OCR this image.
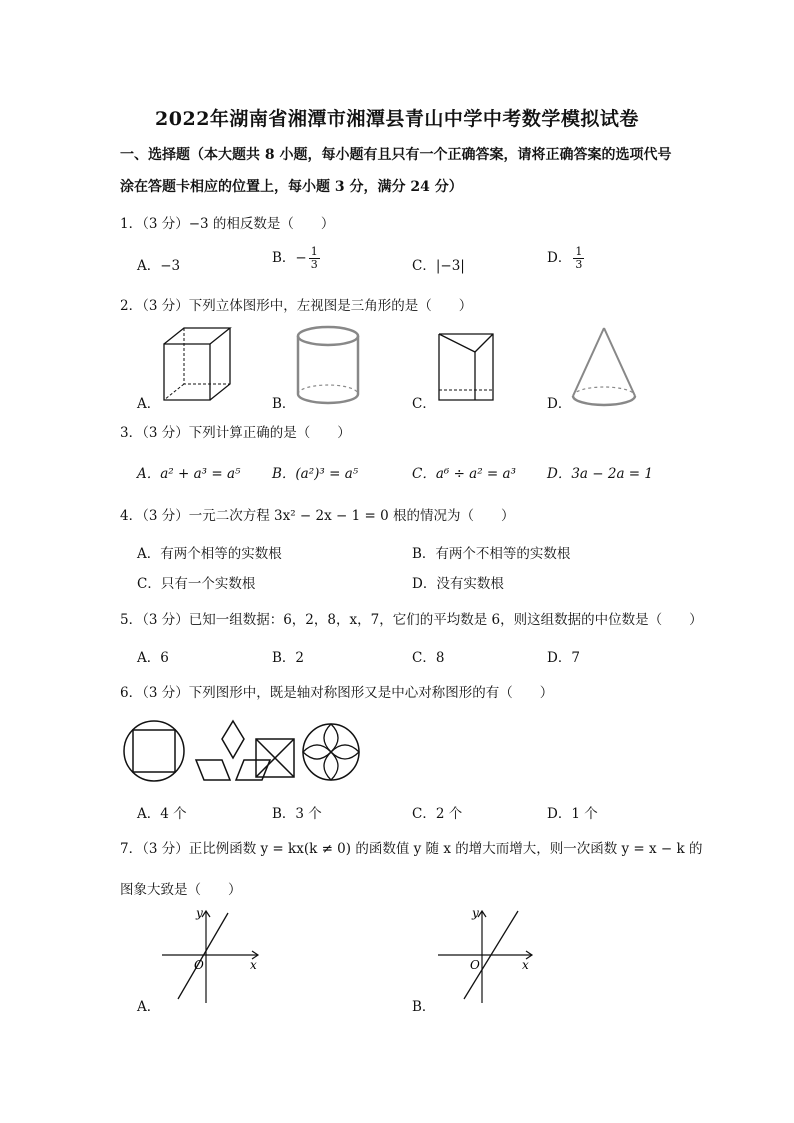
2022年湖南省湘潭市湘潭县青山中学中考数学模拟试卷
一、选择题（本大题共 8 小题，每小题有且只有一个正确答案，请将正确答案的选项代号
涂在答题卡相应的位置上，每小题 3 分，满分 24 分）
1．（3 分）−3 的相反数是（　　）
A．−3	B．− $\frac{1}{3}$	C．|−3|	D． $\frac{1}{3}$
2．（3 分）下列立体图形中，左视图是三角形的是（　　）
A．	B．	C．	D．
3．（3 分）下列计算正确的是（　　）
A．a² + a³ = a⁵ B．(a²)³ = a⁵	C．a⁶ ÷ a² = a³ D．3a − 2a = 1
4．（3 分）一元二次方程 3x² − 2x − 1 = 0 根的情况为（　　）
A．有两个相等的实数根	B．有两个不相等的实数根
C．只有一个实数根	D．没有实数根
5．（3 分）已知一组数据：6，2，8，x，7，它们的平均数是 6，则这组数据的中位数是（　　）
A．6	B．2	C．8	D．7
6．（3 分）下列图形中，既是轴对称图形又是中心对称图形的有（　　）
A．4 个	B．3 个	C．2 个	D．1 个
7．（3 分）正比例函数 y = kx(k ≠ 0) 的函数值 y 随 x 的增大而增大，则一次函数 y = x − k 的
图象大致是（　　）
x
y
O
A．
x
y
O
B．
